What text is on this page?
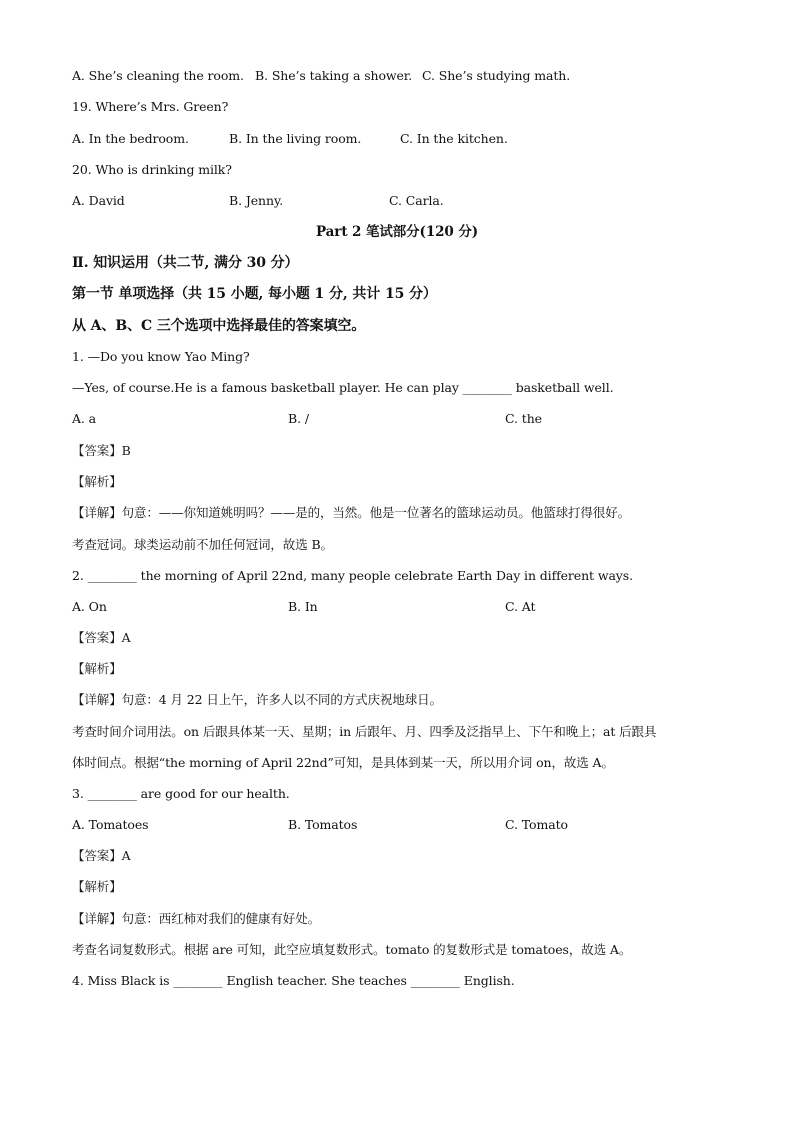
A. She’s cleaning the room. B. She’s taking a shower. C. She’s studying math.
19. Where’s Mrs. Green?
A. In the bedroom.	B. In the living room.	C. In the kitchen.
20. Who is drinking milk?
A. David	B. Jenny.	C. Carla.
Part 2 笔试部分(120 分)
Ⅱ. 知识运用（共二节, 满分 30 分）
第一节 单项选择（共 15 小题, 每小题 1 分, 共计 15 分）
从 A、B、C 三个选项中选择最佳的答案填空。
1. —Do you know Yao Ming?
—Yes, of course.He is a famous basketball player. He can play ________ basketball well.
A. a	B. /	C. the
【答案】B
【解析】
【详解】句意：——你知道姚明吗？——是的，当然。他是一位著名的篮球运动员。他篮球打得很好。
考查冠词。球类运动前不加任何冠词，故选 B。
2. ________ the morning of April 22nd, many people celebrate Earth Day in different ways.
A. On	B. In	C. At
【答案】A
【解析】
【详解】句意：4 月 22 日上午，许多人以不同的方式庆祝地球日。
考查时间介词用法。on 后跟具体某一天、星期；in 后跟年、月、四季及泛指早上、下午和晚上；at 后跟具
体时间点。根据“the morning of April 22nd”可知，是具体到某一天，所以用介词 on，故选 A。
3. ________ are good for our health.
A. Tomatoes	B. Tomatos	C. Tomato
【答案】A
【解析】
【详解】句意：西红柿对我们的健康有好处。
考查名词复数形式。根据 are 可知，此空应填复数形式。tomato 的复数形式是 tomatoes，故选 A。
4. Miss Black is ________ English teacher. She teaches ________ English.
